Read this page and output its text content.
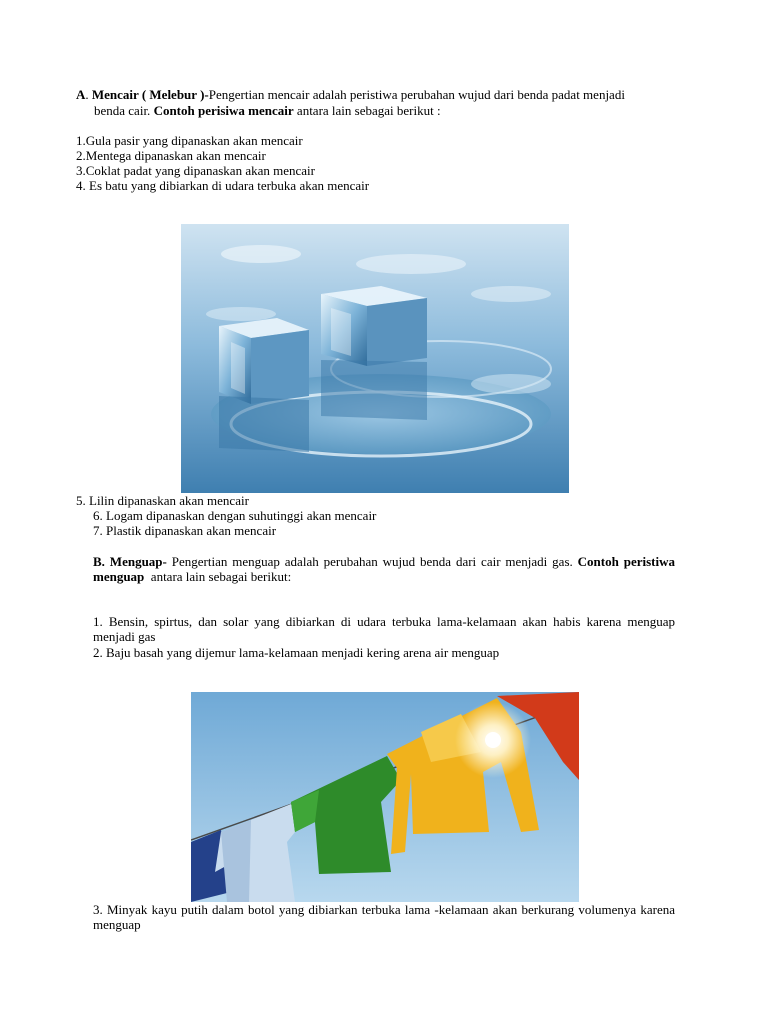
A. Mencair ( Melebur )-Pengertian mencair adalah peristiwa perubahan wujud dari benda padat menjadi
benda cair. Contoh perisiwa mencair antara lain sebagai berikut :
1.Gula pasir yang dipanaskan akan mencair
2.Mentega dipanaskan akan mencair
3.Coklat padat yang dipanaskan akan mencair
4. Es batu yang dibiarkan di udara terbuka akan mencair
5. Lilin dipanaskan akan mencair
6. Logam dipanaskan dengan suhutinggi akan mencair
7. Plastik dipanaskan akan mencair
B. Menguap- Pengertian menguap adalah perubahan wujud benda dari cair menjadi gas. Contoh peristiwa menguap antara lain sebagai berikut:
1. Bensin, spirtus, dan solar yang dibiarkan di udara terbuka lama-kelamaan akan habis karena menguap menjadi gas
2. Baju basah yang dijemur lama-kelamaan menjadi kering arena air menguap
3. Minyak kayu putih dalam botol yang dibiarkan terbuka lama -kelamaan akan berkurang volumenya karena menguap
